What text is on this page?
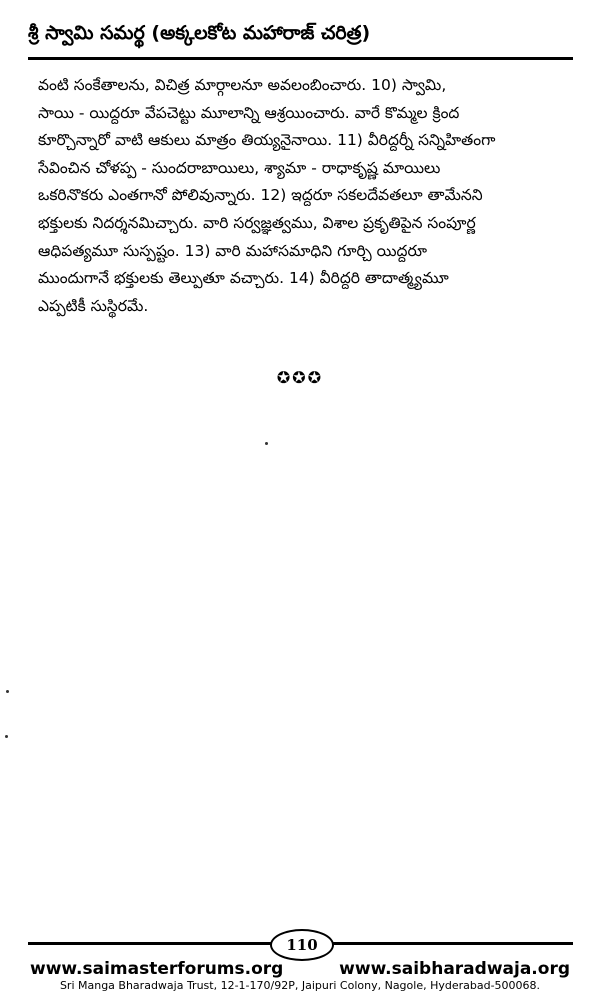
శ్రీ స్వామి సమర్థ (అక్కలకోట మహారాజ్ చరిత్ర)
వంటి సంకేతాలను, విచిత్ర మార్గాలనూ అవలంబించారు. 10) స్వామి,
సాయి - యిద్దరూ వేపచెట్టు మూలాన్ని ఆశ్రయించారు. వారే కొమ్మల క్రింద
కూర్చొన్నారో వాటి ఆకులు మాత్రం తియ్యనైనాయి. 11) వీరిద్దర్నీ సన్నిహితంగా
సేవించిన చోళప్ప - సుందరాబాయిలు, శ్యామా - రాధాకృష్ణ మాయిలు
ఒకరినొకరు ఎంతగానో పోలివున్నారు. 12) ఇద్దరూ సకలదేవతలూ తామేనని
భక్తులకు నిదర్శనమిచ్చారు. వారి సర్వజ్ఞత్వము, విశాల ప్రకృతిపైన సంపూర్ణ
ఆధిపత్యమూ సుస్పష్టం. 13) వారి మహాసమాధిని గూర్చి యిద్దరూ
ముందుగానే భక్తులకు తెల్పుతూ వచ్చారు. 14) వీరిద్దరి తాదాత్మ్యమూ
ఎప్పటికీ సుస్థిరమే.
✪✪✪
110
www.saimasterforums.org	www.saibharadwaja.org
Sri Manga Bharadwaja Trust, 12-1-170/92P, Jaipuri Colony, Nagole, Hyderabad-500068.
